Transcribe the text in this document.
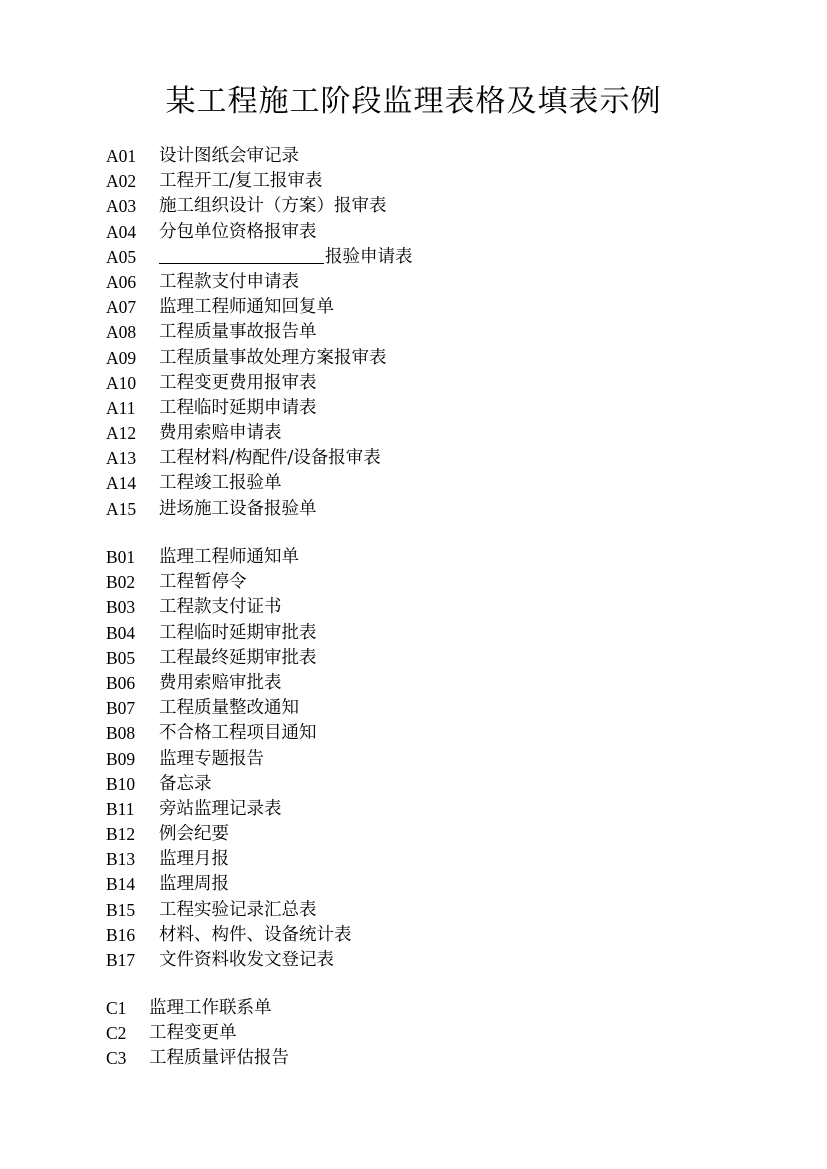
某工程施工阶段监理表格及填表示例
A01	设计图纸会审记录
A02	工程开工/复工报审表
A03	施工组织设计（方案）报审表
A04	分包单位资格报审表
A05	报验申请表
A06	工程款支付申请表
A07	监理工程师通知回复单
A08	工程质量事故报告单
A09	工程质量事故处理方案报审表
A10	工程变更费用报审表
A11	工程临时延期申请表
A12	费用索赔申请表
A13	工程材料/构配件/设备报审表
A14	工程竣工报验单
A15	进场施工设备报验单
B01	监理工程师通知单
B02	工程暂停令
B03	工程款支付证书
B04	工程临时延期审批表
B05	工程最终延期审批表
B06	费用索赔审批表
B07	工程质量整改通知
B08	不合格工程项目通知
B09	监理专题报告
B10	备忘录
B11	旁站监理记录表
B12	例会纪要
B13	监理月报
B14	监理周报
B15	工程实验记录汇总表
B16	材料、构件、设备统计表
B17	文件资料收发文登记表
C1	监理工作联系单
C2	工程变更单
C3	工程质量评估报告
